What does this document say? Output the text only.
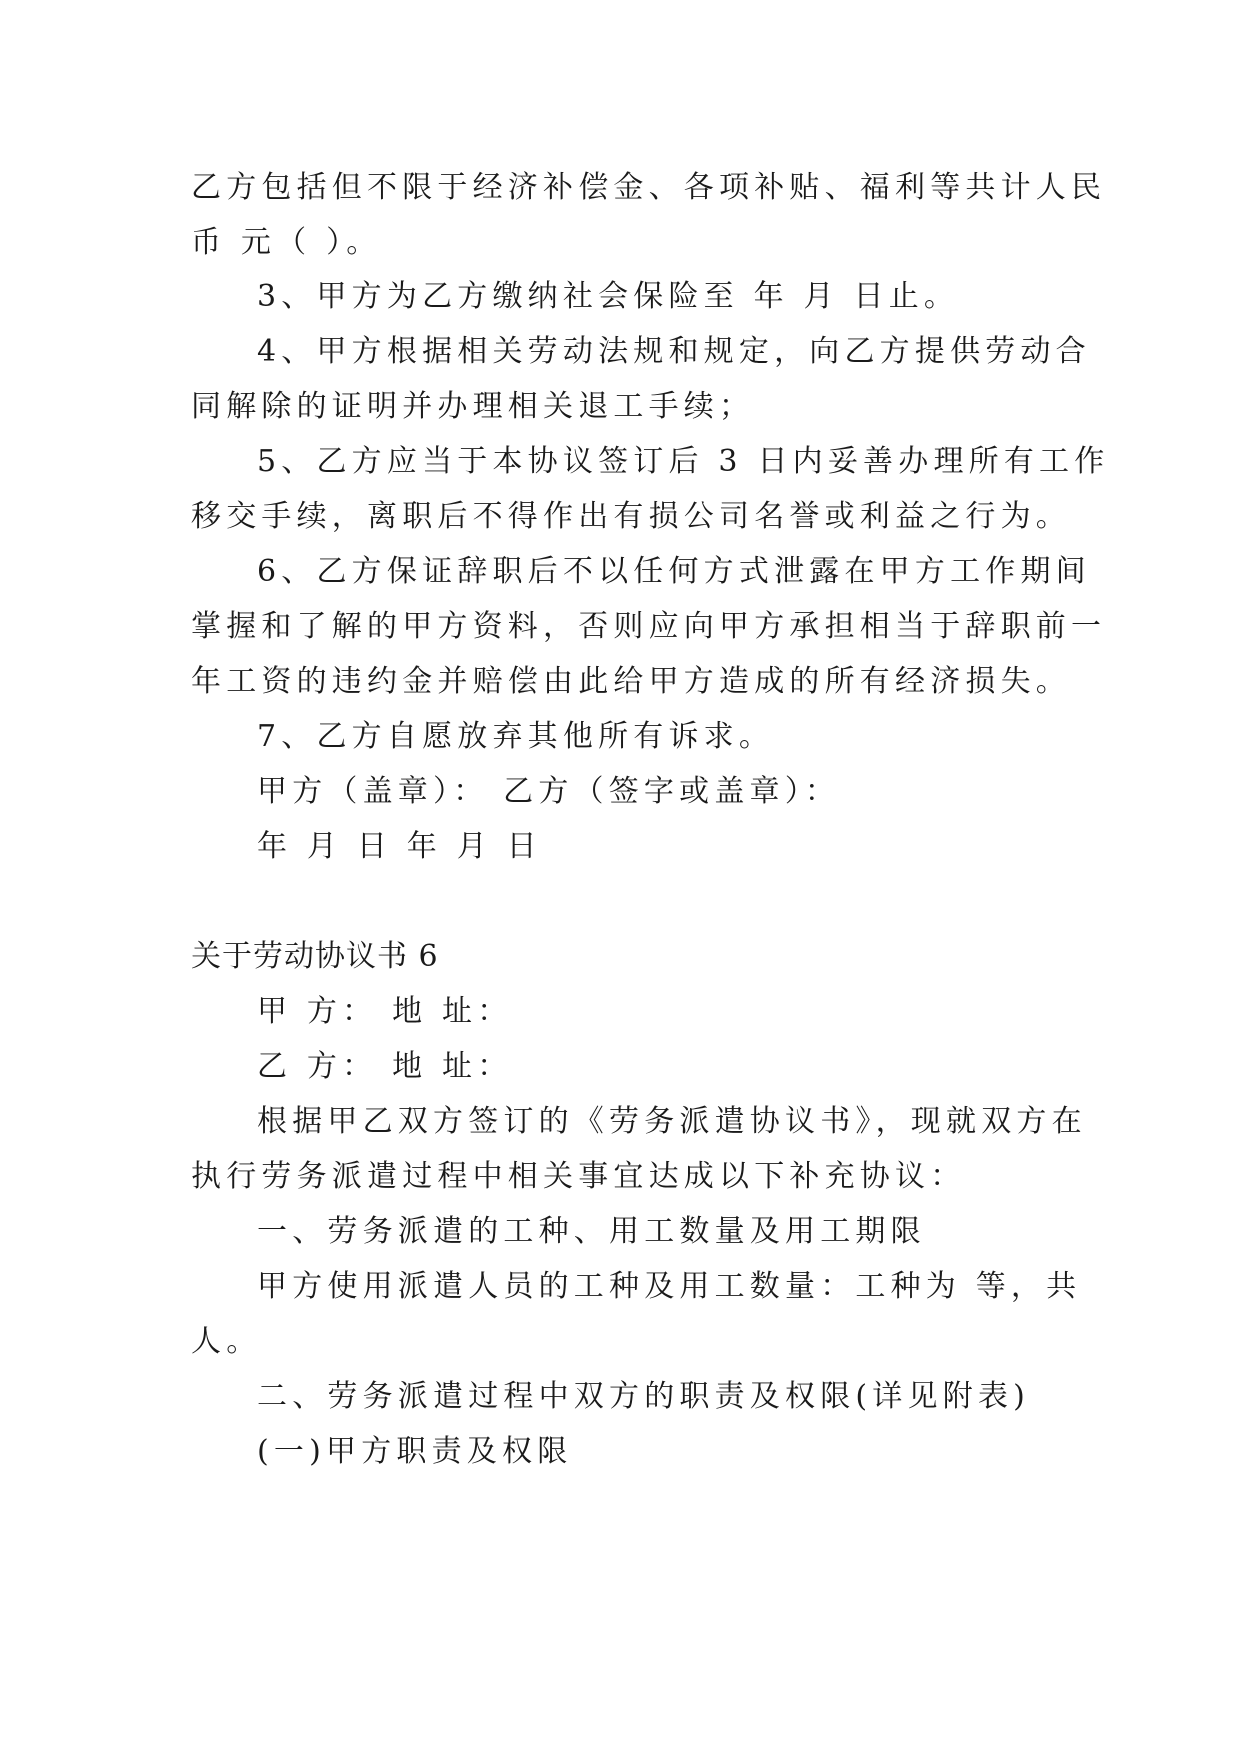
乙方包括但不限于经济补偿金、各项补贴、福利等共计人民
币 元（ ）。
3、甲方为乙方缴纳社会保险至 年 月 日止。
4、甲方根据相关劳动法规和规定，向乙方提供劳动合
同解除的证明并办理相关退工手续；
5、乙方应当于本协议签订后 3 日内妥善办理所有工作
移交手续，离职后不得作出有损公司名誉或利益之行为。
6、乙方保证辞职后不以任何方式泄露在甲方工作期间
掌握和了解的甲方资料，否则应向甲方承担相当于辞职前一
年工资的违约金并赔偿由此给甲方造成的所有经济损失。
7、乙方自愿放弃其他所有诉求。
甲方（盖章）： 乙方（签字或盖章）：
年 月 日 年 月 日
关于劳动协议书 6
甲 方： 地 址：
乙 方： 地 址：
根据甲乙双方签订的《劳务派遣协议书》，现就双方在
执行劳务派遣过程中相关事宜达成以下补充协议：
一、劳务派遣的工种、用工数量及用工期限
甲方使用派遣人员的工种及用工数量：工种为 等，共
人。
二、劳务派遣过程中双方的职责及权限(详见附表)
(一)甲方职责及权限
